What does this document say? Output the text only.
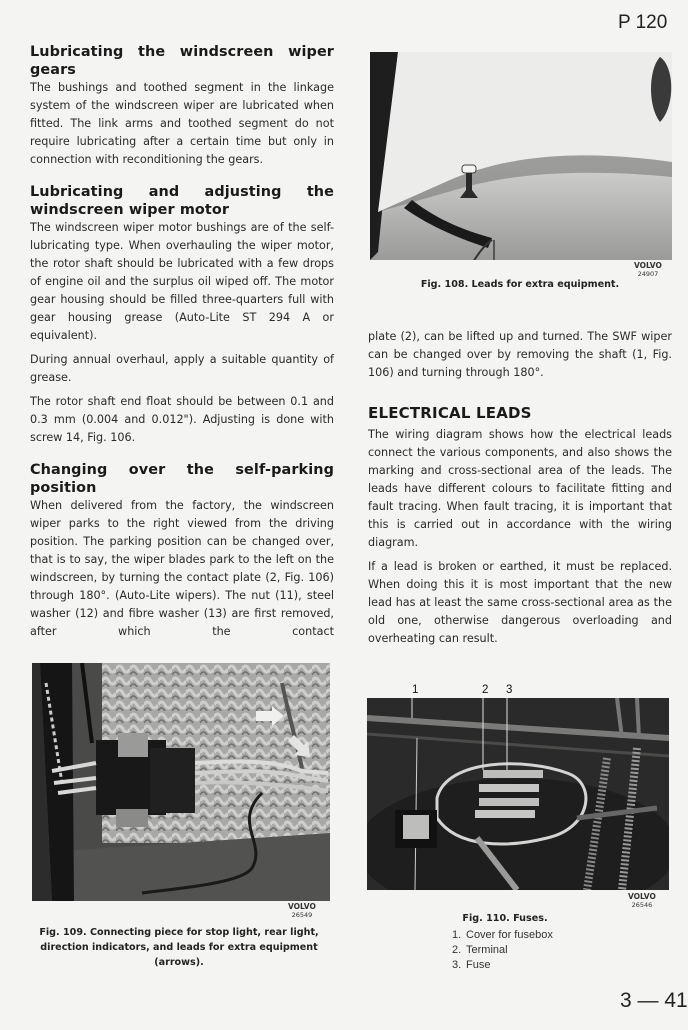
P 120
Lubricating the windscreen wiper gears

The bushings and toothed segment in the linkage system of the windscreen wiper are lubricated when fitted. The link arms and toothed segment do not require lubricating after a certain time but only in connection with reconditioning the gears.

Lubricating and adjusting the windscreen wiper motor

The windscreen wiper motor bushings are of the self-lubricating type. When overhauling the wiper motor, the rotor shaft should be lubricated with a few drops of engine oil and the surplus oil wiped off. The motor gear housing should be filled three-quarters full with gear housing grease (Auto-Lite ST 294 A or equivalent).

During annual overhaul, apply a suitable quantity of grease.

The rotor shaft end float should be between 0.1 and 0.3 mm (0.004 and 0.012"). Adjusting is done with screw 14, Fig. 106.

Changing over the self-parking position

When delivered from the factory, the windscreen wiper parks to the right viewed from the driving position. The parking position can be changed over, that is to say, the wiper blades park to the left on the windscreen, by turning the contact plate (2, Fig. 106) through 180°. (Auto-Lite wipers). The nut (11), steel washer (12) and fibre washer (13) are first removed, after which the contact

VOLVO
24907
Fig. 108. Leads for extra equipment.

plate (2), can be lifted up and turned. The SWF wiper can be changed over by removing the shaft (1, Fig. 106) and turning through 180°.

ELECTRICAL LEADS

The wiring diagram shows how the electrical leads connect the various components, and also shows the marking and cross-sectional area of the leads. The leads have different colours to facilitate fitting and fault tracing. When fault tracing, it is important that this is carried out in accordance with the wiring diagram.

If a lead is broken or earthed, it must be replaced. When doing this it is most important that the new lead has at least the same cross-sectional area as the old one, otherwise dangerous overloading and overheating can result.

VOLVO
26549
Fig. 109. Connecting piece for stop light, rear light, direction indicators, and leads for extra equipment (arrows).
1	2 3
VOLVO
26546
Fig. 110. Fuses.
1. Cover for fusebox
2. Terminal
3. Fuse
3 — 41
